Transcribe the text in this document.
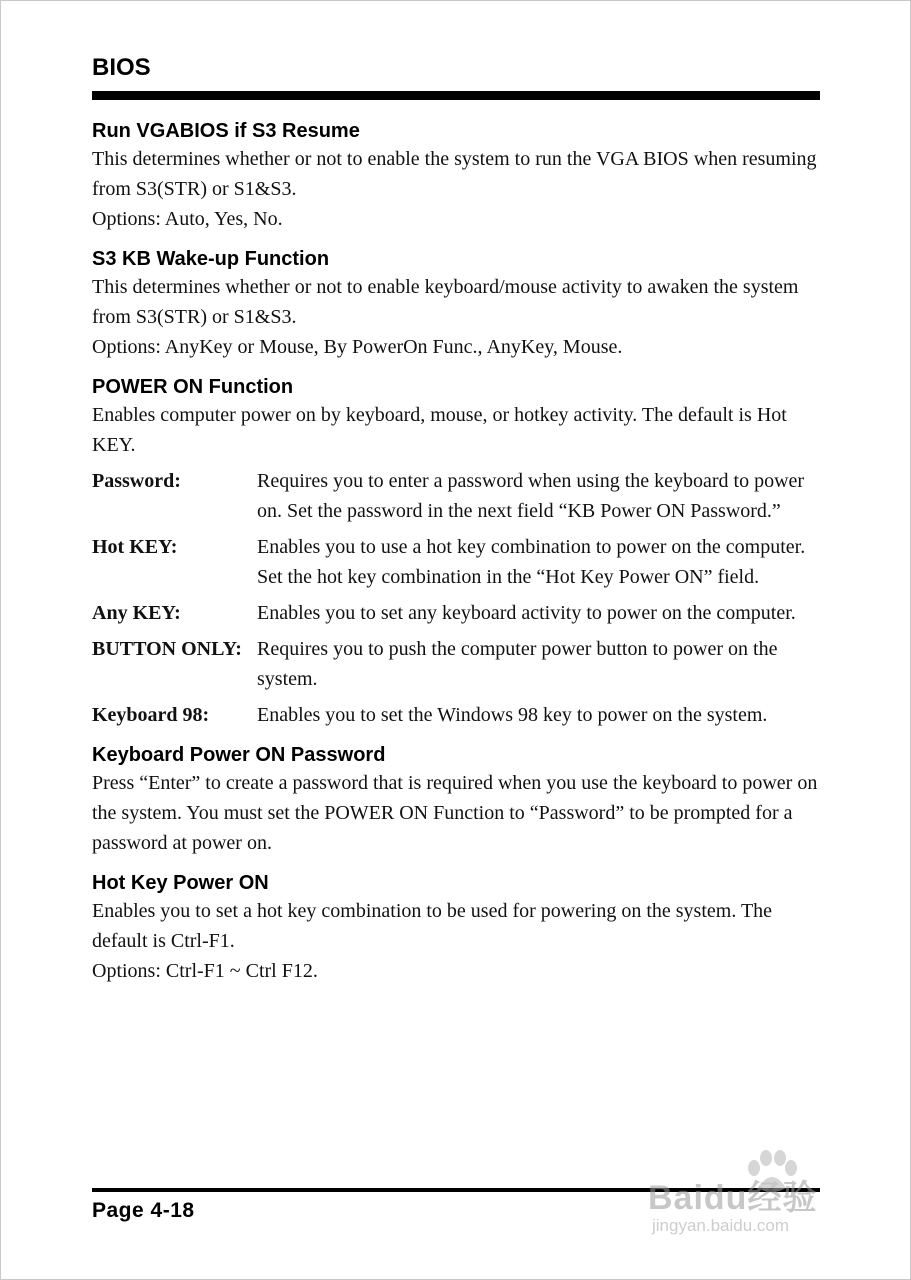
BIOS
Run VGABIOS if S3 Resume

This determines whether or not to enable the system to run the VGA BIOS when resuming from S3(STR) or S1&S3.

Options: Auto, Yes, No.

S3 KB Wake-up Function

This determines whether or not to enable keyboard/mouse activity to awaken the system from S3(STR) or S1&S3.

Options: AnyKey or Mouse, By PowerOn Func., AnyKey, Mouse.

POWER ON Function

Enables computer power on by keyboard, mouse, or hotkey activity. The default is Hot KEY.

Password:	Requires you to enter a password when using the keyboard to power on. Set the password in the next field “KB Power ON Password.”
Hot KEY:	Enables you to use a hot key combination to power on the computer. Set the hot key combination in the “Hot Key Power ON” field.
Any KEY:	Enables you to set any keyboard activity to power on the computer.
BUTTON ONLY: Requires you to push the computer power button to power on the system.
Keyboard 98:	Enables you to set the Windows 98 key to power on the system.
Keyboard Power ON Password

Press “Enter” to create a password that is required when you use the keyboard to power on the system. You must set the POWER ON Function to “Password” to be prompted for a password at power on.

Hot Key Power ON

Enables you to set a hot key combination to be used for powering on the system. The default is Ctrl-F1.

Options: Ctrl-F1 ~ Ctrl F12.

Page 4-18	Baidu经验
jingyan.baidu.com
